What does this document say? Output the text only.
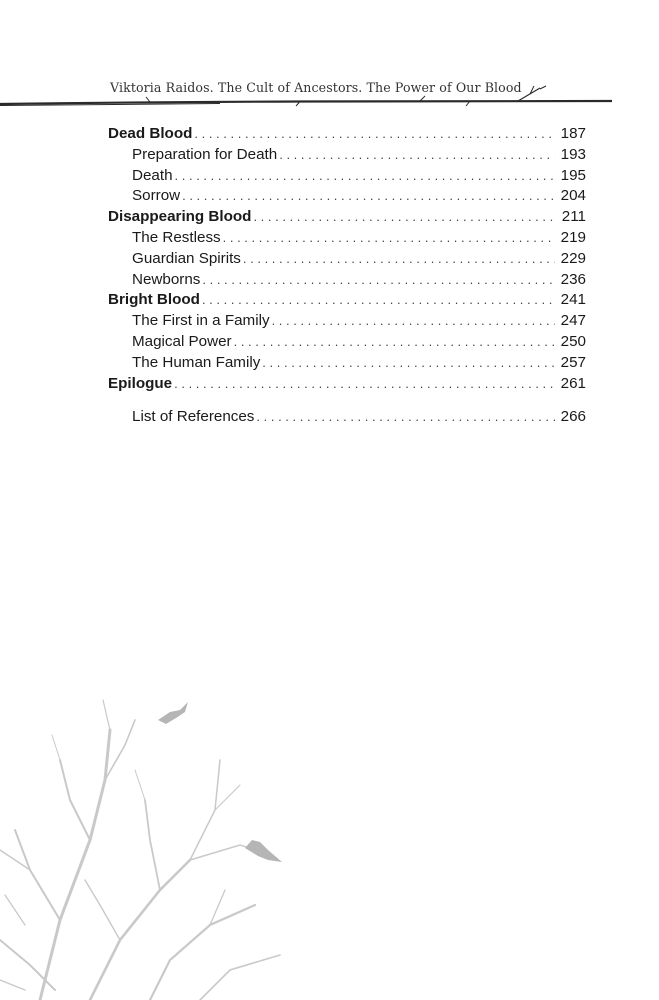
Viktoria Raidos. The Cult of Ancestors. The Power of Our Blood
Dead Blood . . .	187
Preparation for Death . . .	193
Death . . .	195
Sorrow . . .	204
Disappearing Blood . . .	211
The Restless . . .	219
Guardian Spirits . . .	229
Newborns . . .	236
Bright Blood . . .	241
The First in a Family . . .	247
Magical Power . . .	250
The Human Family . . .	257
Epilogue . . .	261
List of References . . .	266
